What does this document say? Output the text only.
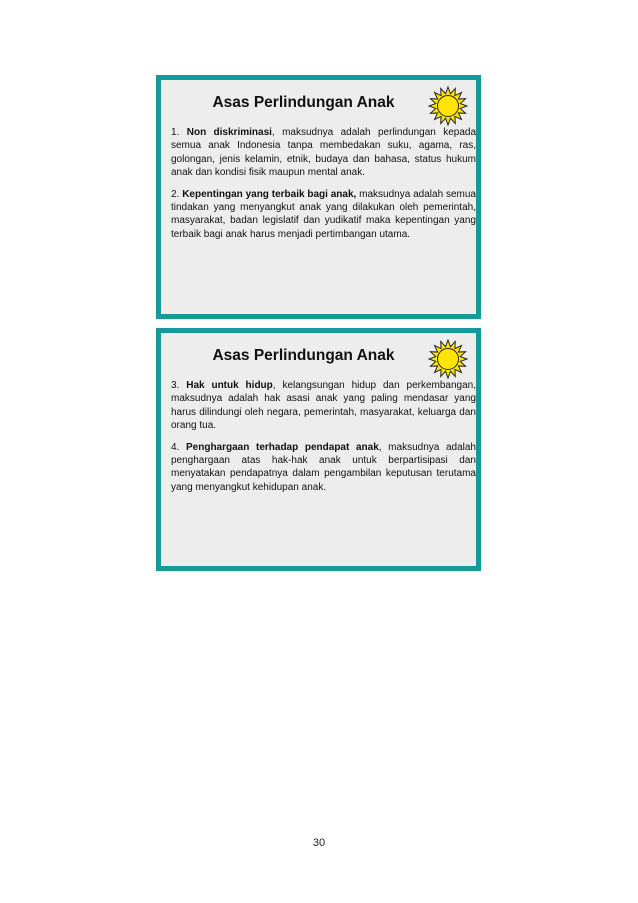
Asas Perlindungan Anak

1. Non diskriminasi, maksudnya adalah perlindungan kepada semua anak Indonesia tanpa membedakan suku, agama, ras, golongan, jenis kelamin, etnik, budaya dan bahasa, status hukum anak dan kondisi fisik maupun mental anak.

2. Kepentingan yang terbaik bagi anak, maksudnya adalah semua tindakan yang menyangkut anak yang dilakukan oleh pemerintah, masyarakat, badan legislatif dan yudikatif maka kepentingan yang terbaik bagi anak harus menjadi pertimbangan utama.

Asas Perlindungan Anak

3. Hak untuk hidup, kelangsungan hidup dan perkembangan, maksudnya adalah hak asasi anak yang paling mendasar yang harus dilindungi oleh negara, pemerintah, masyarakat, keluarga dan orang tua.

4. Penghargaan terhadap pendapat anak, maksudnya adalah penghargaan atas hak-hak anak untuk berpartisipasi dan menyatakan pendapatnya dalam pengambilan keputusan terutama yang menyangkut kehidupan anak.

30
